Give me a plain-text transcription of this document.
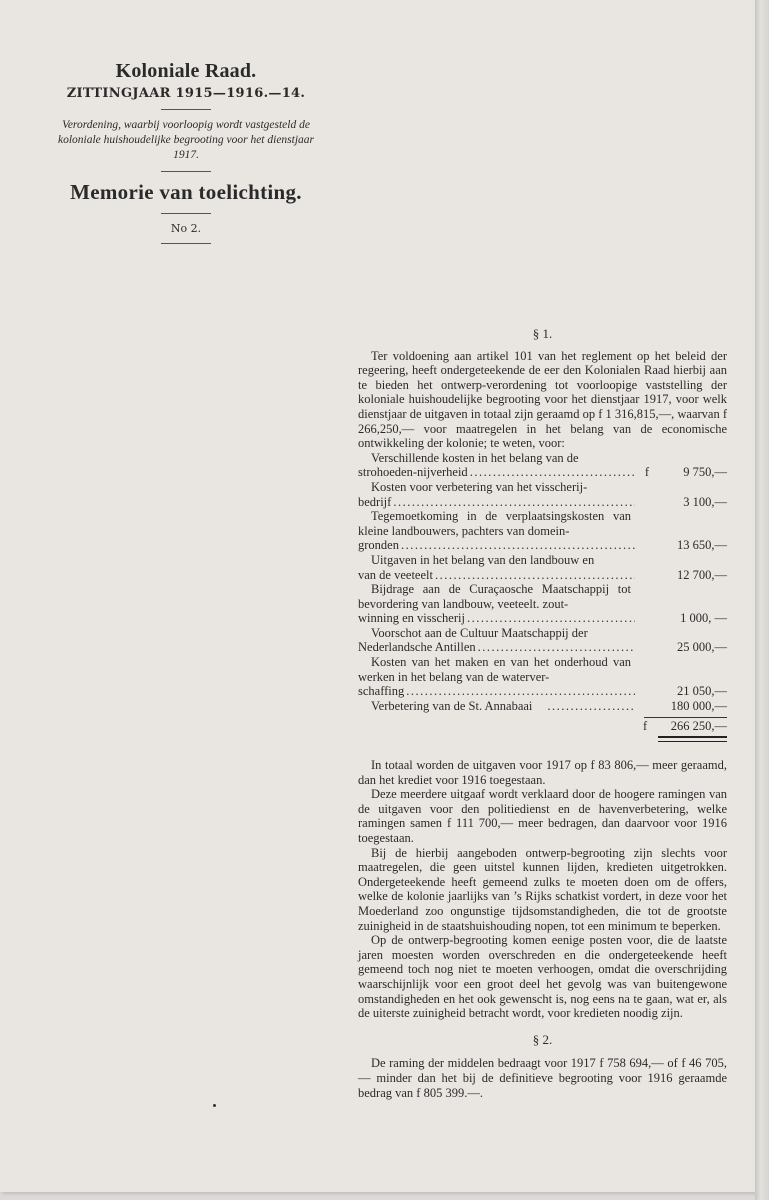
Koloniale Raad.

ZITTINGJAAR 1915—1916.—14.

Verordening, waarbij voorloopig wordt vastgesteld de koloniale huishoudelijke begrooting voor het dienstjaar 1917.

Memorie van toelichting.

No 2.

§ 1.

Ter voldoening aan artikel 101 van het reglement op het beleid der regeering, heeft ondergeteekende de eer den Kolonialen Raad hierbij aan te bieden het ontwerp-verordening tot voorloopige vaststelling der koloniale huishoudelijke begrooting voor het dienstjaar 1917, voor welk dienstjaar de uitgaven in totaal zijn geraamd op f 1 316,815,—, waarvan f 266,250,— voor maatregelen in het belang van de economische ontwikkeling der kolonie; te weten, voor:

Verschillende kosten in het belang van de

strohoeden-nijverheid .....	f	9 750,—

Kosten voor verbetering van het visscherij-

bedrijf .....	3 100,—

Tegemoetkoming in de verplaatsingskosten van kleine landbouwers, pachters van domein-

gronden .....	13 650,—

Uitgaven in het belang van den landbouw en

van de veeteelt .....	12 700,—

Bijdrage aan de Curaçaosche Maatschappij tot bevordering van landbouw, veeteelt. zout-

winning en visscherij .....	1 000, —

Voorschot aan de Cultuur Maatschappij der

Nederlandsche Antillen .....	25 000,—

Kosten van het maken en van het onderhoud van werken in het belang van de waterver-

schaffing .....	21 050,—

Verbetering van de St. Annabaai .....	180 000,—

f	266 250,—

In totaal worden de uitgaven voor 1917 op f 83 806,— meer geraamd, dan het krediet voor 1916 toegestaan.

Deze meerdere uitgaaf wordt verklaard door de hoogere ramingen van de uitgaven voor den politiedienst en de havenverbetering, welke ramingen samen f 111 700,— meer bedragen, dan daarvoor voor 1916 toegestaan.

Bij de hierbij aangeboden ontwerp-begrooting zijn slechts voor maatregelen, die geen uitstel kunnen lijden, kredieten uitgetrokken. Ondergeteekende heeft gemeend zulks te moeten doen om de offers, welke de kolonie jaarlijks van ’s Rijks schatkist vordert, in deze voor het Moederland zoo ongunstige tijdsomstandigheden, die tot de grootste zuinigheid in de staatshuishouding nopen, tot een minimum te beperken.

Op de ontwerp-begrooting komen eenige posten voor, die de laatste jaren moesten worden overschreden en die ondergeteekende heeft gemeend toch nog niet te moeten verhoogen, omdat die overschrijding waarschijnlijk voor een groot deel het gevolg was van buitengewone omstandigheden en het ook gewenscht is, nog eens na te gaan, wat er, als de uiterste zuinigheid betracht wordt, voor kredieten noodig zijn.

§ 2.

De raming der middelen bedraagt voor 1917 f 758 694,— of f 46 705,— minder dan het bij de definitieve begrooting voor 1916 geraamde bedrag van f 805 399.—.
